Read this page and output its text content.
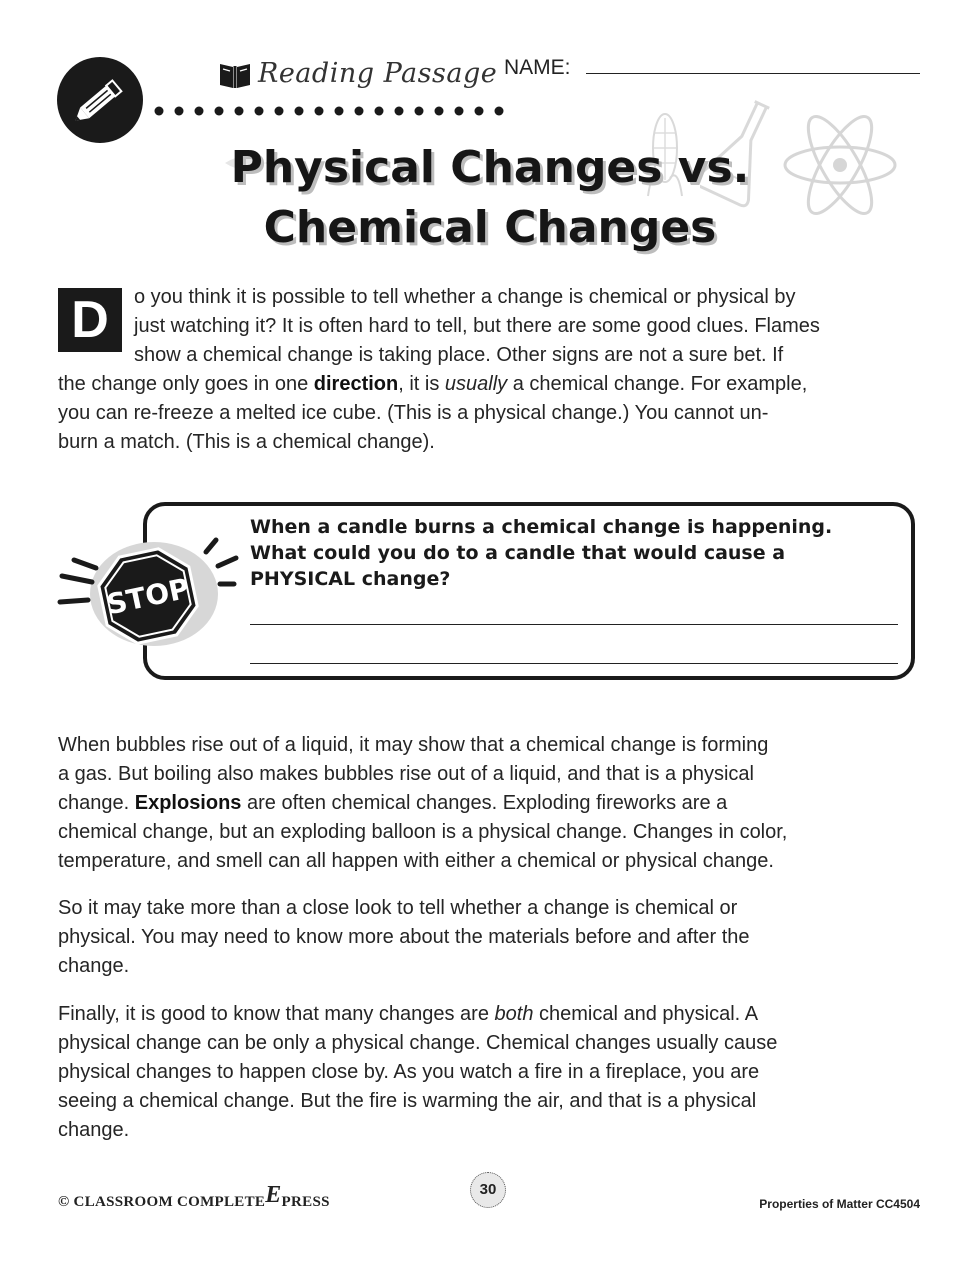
Reading Passage NAME:
Physical Changes vs.
Chemical Changes
D	o you think it is possible to tell whether a change is chemical or physical by
just watching it? It is often hard to tell, but there are some good clues. Flames
show a chemical change is taking place. Other signs are not a sure bet. If
the change only goes in one direction, it is usually a chemical change. For example,
you can re-freeze a melted ice cube. (This is a physical change.) You cannot un-
burn a match. (This is a chemical change).

STOP
When a candle burns a chemical change is happening.
What could you do to a candle that would cause a
PHYSICAL change?

When bubbles rise out of a liquid, it may show that a chemical change is forming
a gas. But boiling also makes bubbles rise out of a liquid, and that is a physical
change. Explosions are often chemical changes. Exploding fireworks are a
chemical change, but an exploding balloon is a physical change. Changes in color,
temperature, and smell can all happen with either a chemical or physical change.

So it may take more than a close look to tell whether a change is chemical or
physical. You may need to know more about the materials before and after the
change.

Finally, it is good to know that many changes are both chemical and physical. A
physical change can be only a physical change. Chemical changes usually cause
physical changes to happen close by. As you watch a fire in a fireplace, you are
seeing a chemical change. But the fire is warming the air, and that is a physical
change.

© CLASSROOM COMPLETEEPRESS
30
Properties of Matter CC4504
